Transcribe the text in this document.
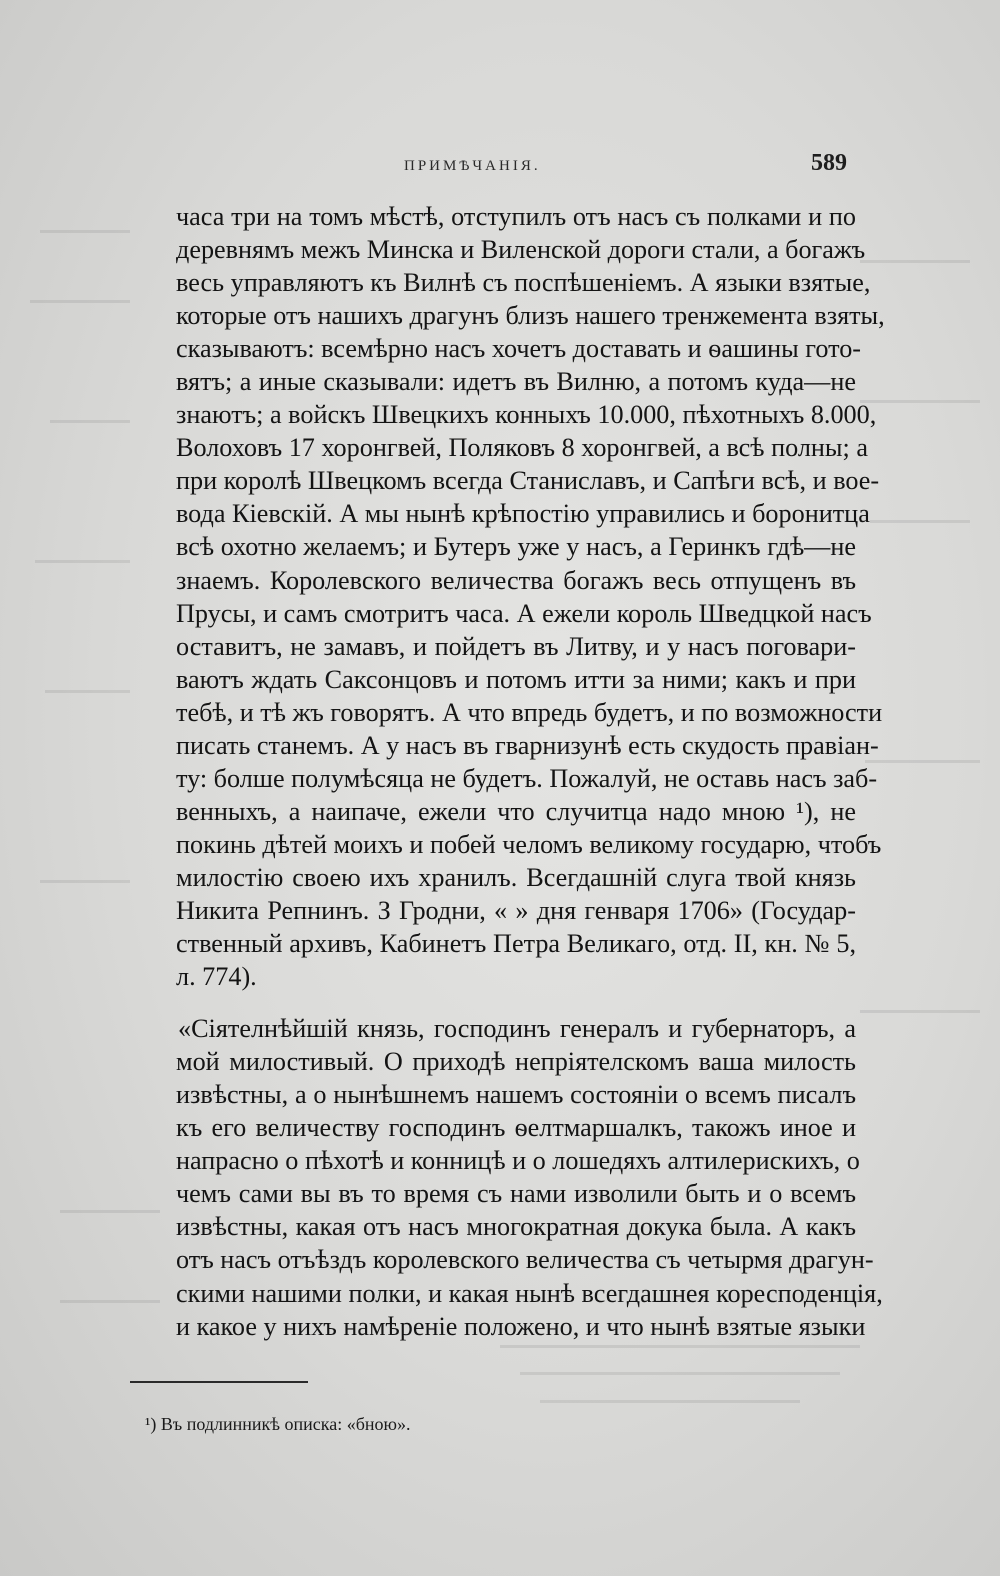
ПРИМѢЧАНІЯ.	589
часа три на томъ мѣстѣ, отступилъ отъ насъ съ полками и по
деревнямъ межъ Минска и Виленской дороги стали, а богажъ
весь управляютъ къ Вилнѣ съ поспѣшеніемъ. А языки взятые,
которые отъ нашихъ драгунъ близъ нашего тренжемента взяты,
сказываютъ: всемѣрно насъ хочетъ доставать и ѳашины гото-
вятъ; а иные сказывали: идетъ въ Вилню, а потомъ куда—не
знаютъ; а войскъ Швецкихъ конныхъ 10.000, пѣхотныхъ 8.000,
Волоховъ 17 хоронгвей, Поляковъ 8 хоронгвей, а всѣ полны; а
при королѣ Швецкомъ всегда Станиславъ, и Сапѣги всѣ, и вое-
вода Кіевскій. А мы нынѣ крѣпостію управились и боронитца
всѣ охотно желаемъ; и Бутеръ уже у насъ, а Геринкъ гдѣ—не
знаемъ. Королевского величества богажъ весь отпущенъ въ
Прусы, и самъ смотритъ часа. А ежели король Шведцкой насъ
оставитъ, не замавъ, и пойдетъ въ Литву, и у насъ поговари-
ваютъ ждать Саксонцовъ и потомъ итти за ними; какъ и при
тебѣ, и тѣ жъ говорятъ. А что впредь будетъ, и по возможности
писать станемъ. А у насъ въ гварнизунѣ есть скудость правіан-
ту: болше полумѣсяца не будетъ. Пожалуй, не оставь насъ заб-
венныхъ, а наипаче, ежели что случитца надо мною ¹), не
покинь дѣтей моихъ и побей челомъ великому государю, чтобъ
милостію своею ихъ хранилъ. Всегдашній слуга твой князь
Никита Репнинъ. З Гродни, « » дня генваря 1706» (Государ-
ственный архивъ, Кабинетъ Петра Великаго, отд. II, кн. № 5,
л. 774).
«Сіятелнѣйшій князь, господинъ генералъ и губернаторъ, а
мой милостивый. О приходѣ непріятелскомъ ваша милость
извѣстны, а о нынѣшнемъ нашемъ состояніи о всемъ писалъ
къ его величеству господинъ ѳелтмаршалкъ, такожъ иное и
напрасно о пѣхотѣ и конницѣ и о лошедяхъ алтилерискихъ, о
чемъ сами вы въ то время съ нами изволили быть и о всемъ
извѣстны, какая отъ насъ многократная докука была. А какъ
отъ насъ отъѣздъ королевского величества съ четырмя драгун-
скими нашими полки, и какая нынѣ всегдашнея коресподенція,
и какое у нихъ намѣреніе положено, и что нынѣ взятые языки
¹) Въ подлинникѣ описка: «бною».
